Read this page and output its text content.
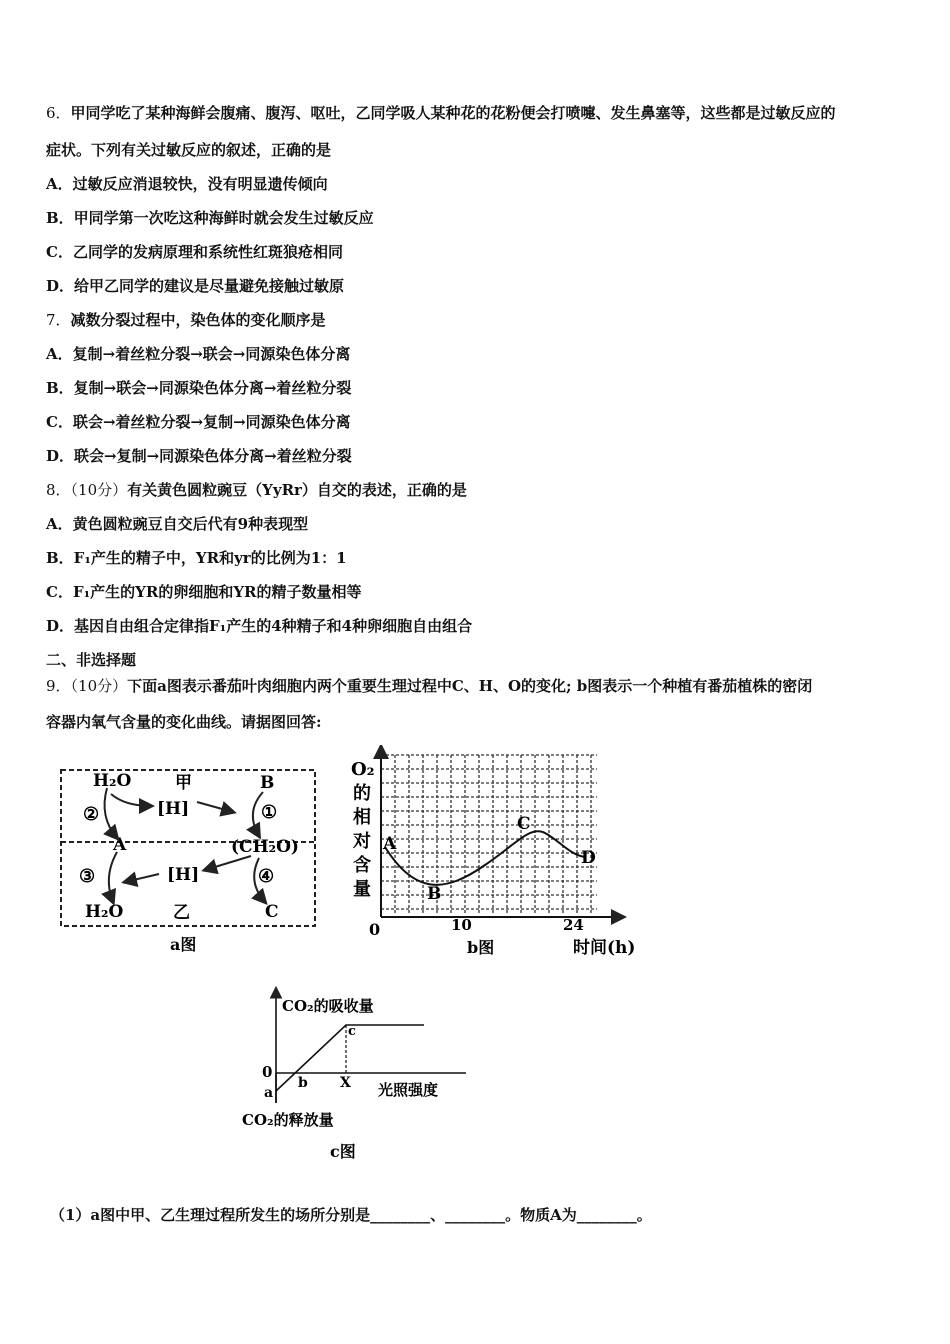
6．甲同学吃了某种海鲜会腹痛、腹泻、呕吐，乙同学吸人某种花的花粉便会打喷嚏、发生鼻塞等，这些都是过敏反应的
症状。下列有关过敏反应的叙述，正确的是
A．过敏反应消退较快，没有明显遗传倾向
B．甲同学第一次吃这种海鲜时就会发生过敏反应
C．乙同学的发病原理和系统性红斑狼疮相同
D．给甲乙同学的建议是尽量避免接触过敏原
7．减数分裂过程中，染色体的变化顺序是
A．复制→着丝粒分裂→联会→同源染色体分离
B．复制→联会→同源染色体分离→着丝粒分裂
C．联会→着丝粒分裂→复制→同源染色体分离
D．联会→复制→同源染色体分离→着丝粒分裂
8．（10分）有关黄色圆粒豌豆（YyRr）自交的表述，正确的是
A．黄色圆粒豌豆自交后代有9种表现型
B．F₁产生的精子中，YR和yr的比例为1：1
C．F₁产生的YR的卵细胞和YR的精子数量相等
D．基因自由组合定律指F₁产生的4种精子和4种卵细胞自由组合
二、非选择题
9．（10分）下面a图表示番茄叶肉细胞内两个重要生理过程中C、H、O的变化; b图表示一个种植有番茄植株的密闭
容器内氧气含量的变化曲线。请据图回答:
H₂O	甲	B
②	[H]	①
A	(CH₂O)
③	[H]	④
H₂O	乙	C
a图
O₂
的
相
对
含
量
A
B
C
D
0	10	24
b图	时间(h)
CO₂的吸收量
CO₂的释放量
光照强度
0
a
b
c
X
c图
（1）a图中甲、乙生理过程所发生的场所分别是________、________。物质A为________。
